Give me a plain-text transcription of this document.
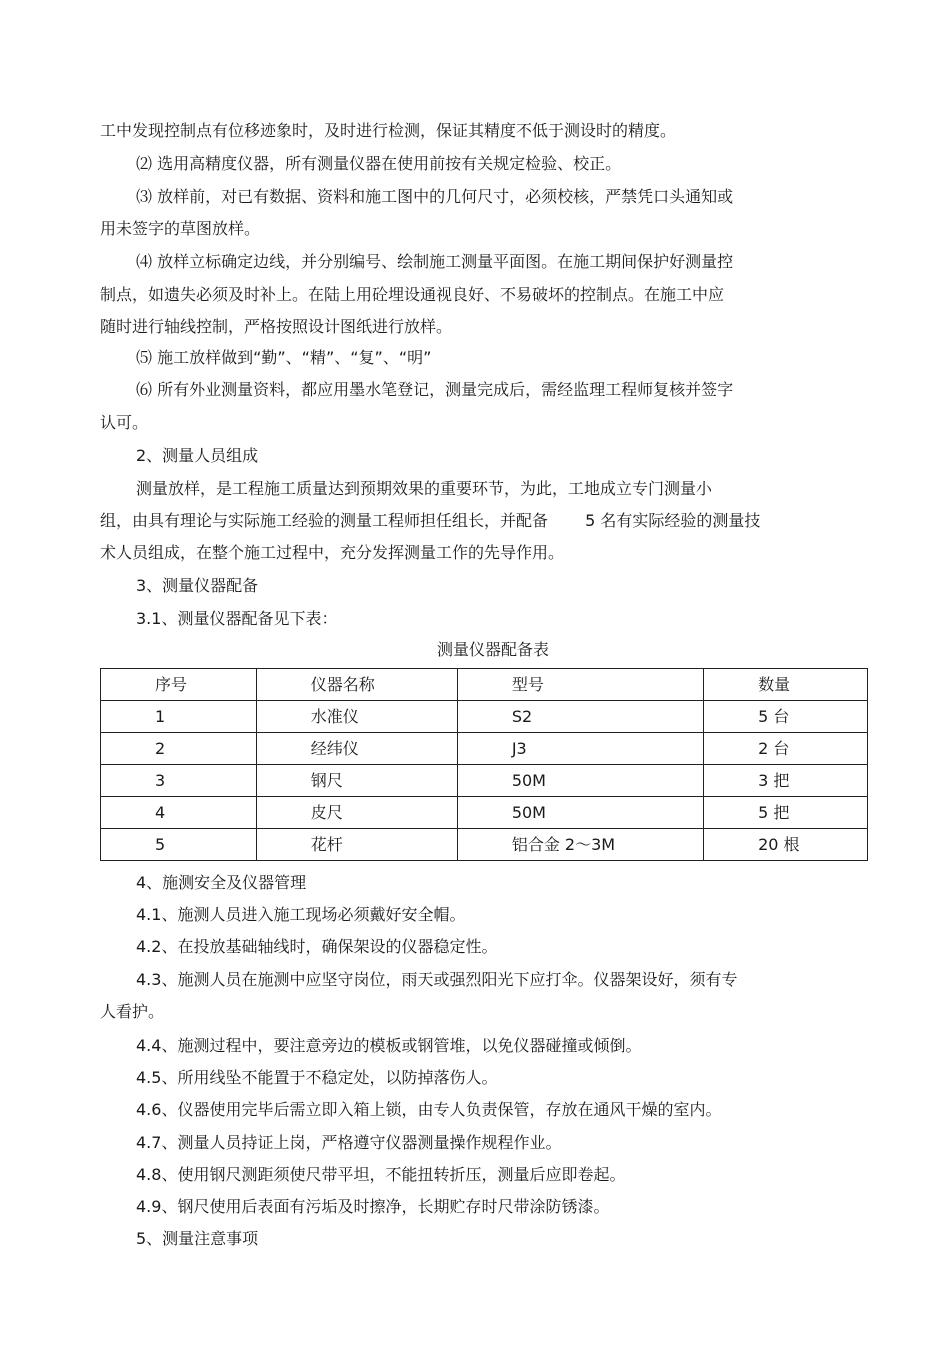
工中发现控制点有位移迹象时，及时进行检测，保证其精度不低于测设时的精度。
⑵ 选用高精度仪器，所有测量仪器在使用前按有关规定检验、校正。
⑶ 放样前，对已有数据、资料和施工图中的几何尺寸，必须校核，严禁凭口头通知或
用未签字的草图放样。
⑷ 放样立标确定边线，并分别编号、绘制施工测量平面图。在施工期间保护好测量控
制点，如遗失必须及时补上。在陆上用砼埋设通视良好、不易破坏的控制点。在施工中应
随时进行轴线控制，严格按照设计图纸进行放样。
⑸ 施工放样做到“勤”、“精”、“复”、“明”
⑹ 所有外业测量资料，都应用墨水笔登记，测量完成后，需经监理工程师复核并签字
认可。
2、测量人员组成
测量放样，是工程施工质量达到预期效果的重要环节，为此，工地成立专门测量小
组，由具有理论与实际施工经验的测量工程师担任组长，并配备 　　5 名有实际经验的测量技
术人员组成，在整个施工过程中，充分发挥测量工作的先导作用。
3、测量仪器配备
3.1、测量仪器配备见下表：
测量仪器配备表
序号	仪器名称	型号	数量
1	水准仪	S2	5 台
2	经纬仪	J3	2 台
3	钢尺	50M	3 把
4	皮尺	50M	5 把
5	花杆	铝合金 2～3M	20 根
4、施测安全及仪器管理
4.1、施测人员进入施工现场必须戴好安全帽。
4.2、在投放基础轴线时，确保架设的仪器稳定性。
4.3、施测人员在施测中应坚守岗位，雨天或强烈阳光下应打伞。仪器架设好，须有专
人看护。
4.4、施测过程中，要注意旁边的模板或钢管堆，以免仪器碰撞或倾倒。
4.5、所用线坠不能置于不稳定处，以防掉落伤人。
4.6、仪器使用完毕后需立即入箱上锁，由专人负责保管，存放在通风干燥的室内。
4.7、测量人员持证上岗，严格遵守仪器测量操作规程作业。
4.8、使用钢尺测距须使尺带平坦，不能扭转折压，测量后应即卷起。
4.9、钢尺使用后表面有污垢及时擦净，长期贮存时尺带涂防锈漆。
5、测量注意事项
